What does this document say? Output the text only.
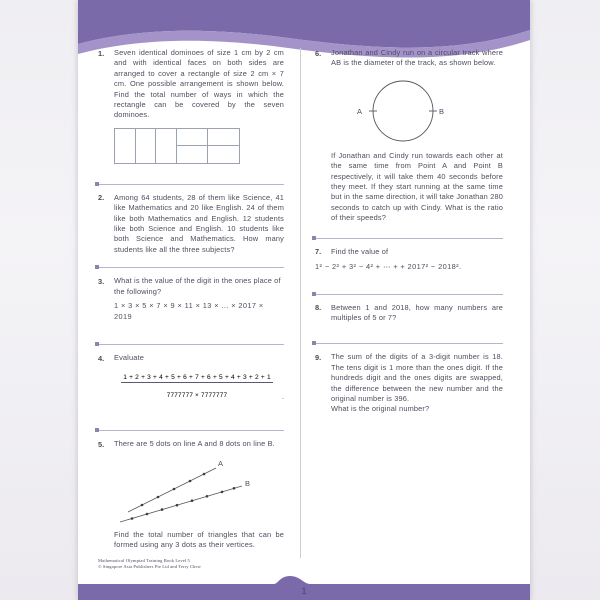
1.	Seven identical dominoes of size 1 cm by 2 cm and with identical faces on both sides are arranged to cover a rectangle of size 2 cm × 7 cm. One possible arrangement is shown below. Find the total number of ways in which the rectangle can be covered by the seven dominoes.
2.	Among 64 students, 28 of them like Science, 41 like Mathematics and 20 like English. 24 of them like both Mathematics and English. 12 students like both Science and English. 10 students like both Science and Mathematics. How many students like all the three subjects?
3.	What is the value of the digit in the ones place of the following?
1 × 3 × 5 × 7 × 9 × 11 × 13 × ... × 2017 × 2019
4.	Evaluate
$\frac{1 + 2 + 3 + 4 + 5 + 6 + 7 + 6 + 5 + 4 + 3 + 2 + 1}{7777777 \times 7777777}$ .
5.	There are 5 dots on line A and 8 dots on line B.
A
B
Find the total number of triangles that can be formed using any 3 dots as their vertices.
6.	Jonathan and Cindy run on a circular track where AB is the diameter of the track, as shown below.
A	B
If Jonathan and Cindy run towards each other at the same time from Point A and Point B respectively, it will take them 40 seconds before they meet. If they start running at the same time but in the same direction, it will take Jonathan 280 seconds to catch up with Cindy. What is the ratio of their speeds?
7.	Find the value of
1² − 2² + 3² − 4² + ⋯ + + 2017² − 2018².
8.	Between 1 and 2018, how many numbers are multiples of 5 or 7?
9.	The sum of the digits of a 3-digit number is 18. The tens digit is 1 more than the ones digit. If the hundreds digit and the ones digits are swapped, the difference between the new number and the original number is 396.
What is the original number?
Mathematical Olympiad Training Book Level 5
© Singapore Asia Publishers Pte Ltd and Terry Chew
1
